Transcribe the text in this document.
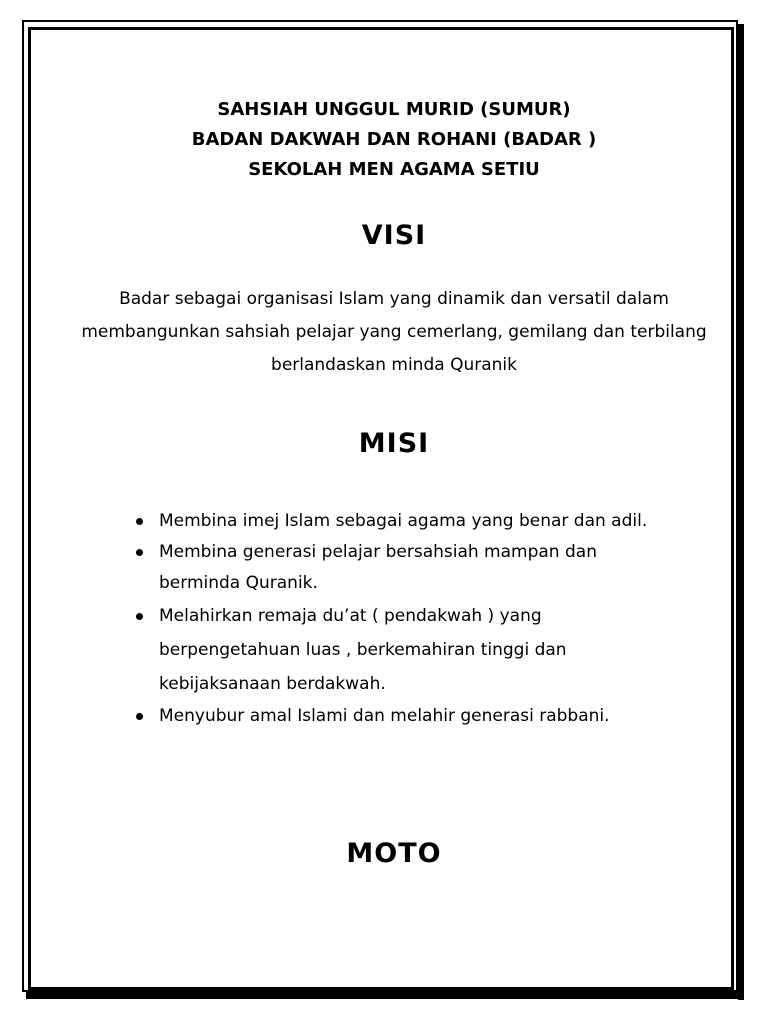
SAHSIAH UNGGUL MURID (SUMUR)
BADAN DAKWAH DAN ROHANI (BADAR )
SEKOLAH MEN AGAMA SETIU
VISI
Badar sebagai organisasi Islam yang dinamik dan versatil dalam membangunkan sahsiah pelajar yang cemerlang, gemilang dan terbilang berlandaskan minda Quranik
MISI
Membina imej Islam sebagai agama yang benar dan adil.
Membina generasi pelajar bersahsiah mampan dan berminda Quranik.
Melahirkan remaja du’at ( pendakwah ) yang berpengetahuan luas , berkemahiran tinggi dan kebijaksanaan berdakwah.
Menyubur amal Islami dan melahir generasi rabbani.
MOTO
